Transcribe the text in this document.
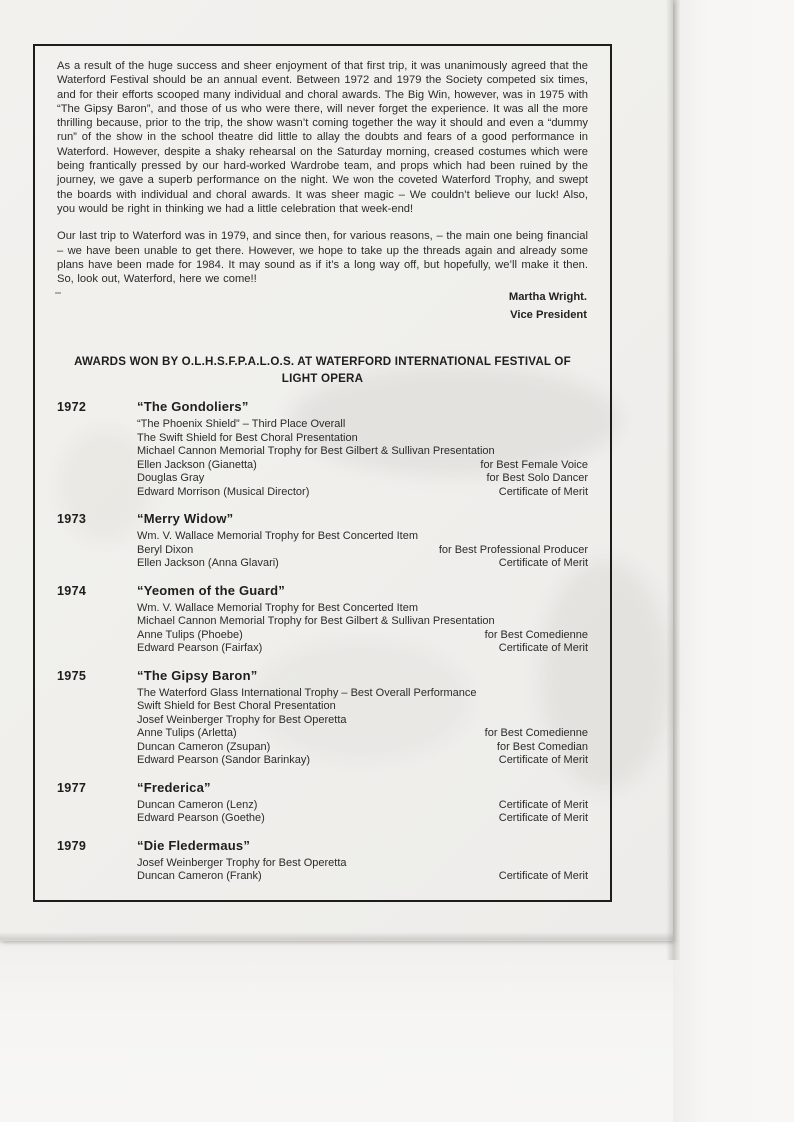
As a result of the huge success and sheer enjoyment of that first trip, it was unanimously agreed that the Waterford Festival should be an annual event. Between 1972 and 1979 the Society competed six times, and for their efforts scooped many individual and choral awards. The Big Win, however, was in 1975 with “The Gipsy Baron”, and those of us who were there, will never forget the experience. It was all the more thrilling because, prior to the trip, the show wasn’t coming together the way it should and even a “dummy run” of the show in the school theatre did little to allay the doubts and fears of a good performance in Waterford. However, despite a shaky rehearsal on the Saturday morning, creased costumes which were being frantically pressed by our hard-worked Wardrobe team, and props which had been ruined by the journey, we gave a superb performance on the night. We won the coveted Waterford Trophy, and swept the boards with individual and choral awards. It was sheer magic – We couldn’t believe our luck! Also, you would be right in thinking we had a little celebration that week-end!

Our last trip to Waterford was in 1979, and since then, for various reasons, – the main one being financial – we have been unable to get there. However, we hope to take up the threads again and already some plans have been made for 1984. It may sound as if it’s a long way off, but hopefully, we’ll make it then. So, look out, Waterford, here we come!!

Martha Wright.
Vice President
AWARDS WON BY O.L.H.S.F.P.A.L.O.S. AT WATERFORD INTERNATIONAL FESTIVAL OF
LIGHT OPERA
1972	“The Gondoliers”
“The Phoenix Shield” – Third Place Overall
The Swift Shield for Best Choral Presentation
Michael Cannon Memorial Trophy for Best Gilbert & Sullivan Presentation
Ellen Jackson (Gianetta)	for Best Female Voice
Douglas Gray	for Best Solo Dancer
Edward Morrison (Musical Director)	Certificate of Merit
1973	“Merry Widow”
Wm. V. Wallace Memorial Trophy for Best Concerted Item
Beryl Dixon	for Best Professional Producer
Ellen Jackson (Anna Glavari)	Certificate of Merit
1974	“Yeomen of the Guard”
Wm. V. Wallace Memorial Trophy for Best Concerted Item
Michael Cannon Memorial Trophy for Best Gilbert & Sullivan Presentation
Anne Tulips (Phoebe)	for Best Comedienne
Edward Pearson (Fairfax)	Certificate of Merit
1975	“The Gipsy Baron”
The Waterford Glass International Trophy – Best Overall Performance
Swift Shield for Best Choral Presentation
Josef Weinberger Trophy for Best Operetta
Anne Tulips (Arletta)	for Best Comedienne
Duncan Cameron (Zsupan)	for Best Comedian
Edward Pearson (Sandor Barinkay)	Certificate of Merit
1977	“Frederica”
Duncan Cameron (Lenz)	Certificate of Merit
Edward Pearson (Goethe)	Certificate of Merit
1979	“Die Fledermaus”
Josef Weinberger Trophy for Best Operetta
Duncan Cameron (Frank)	Certificate of Merit
